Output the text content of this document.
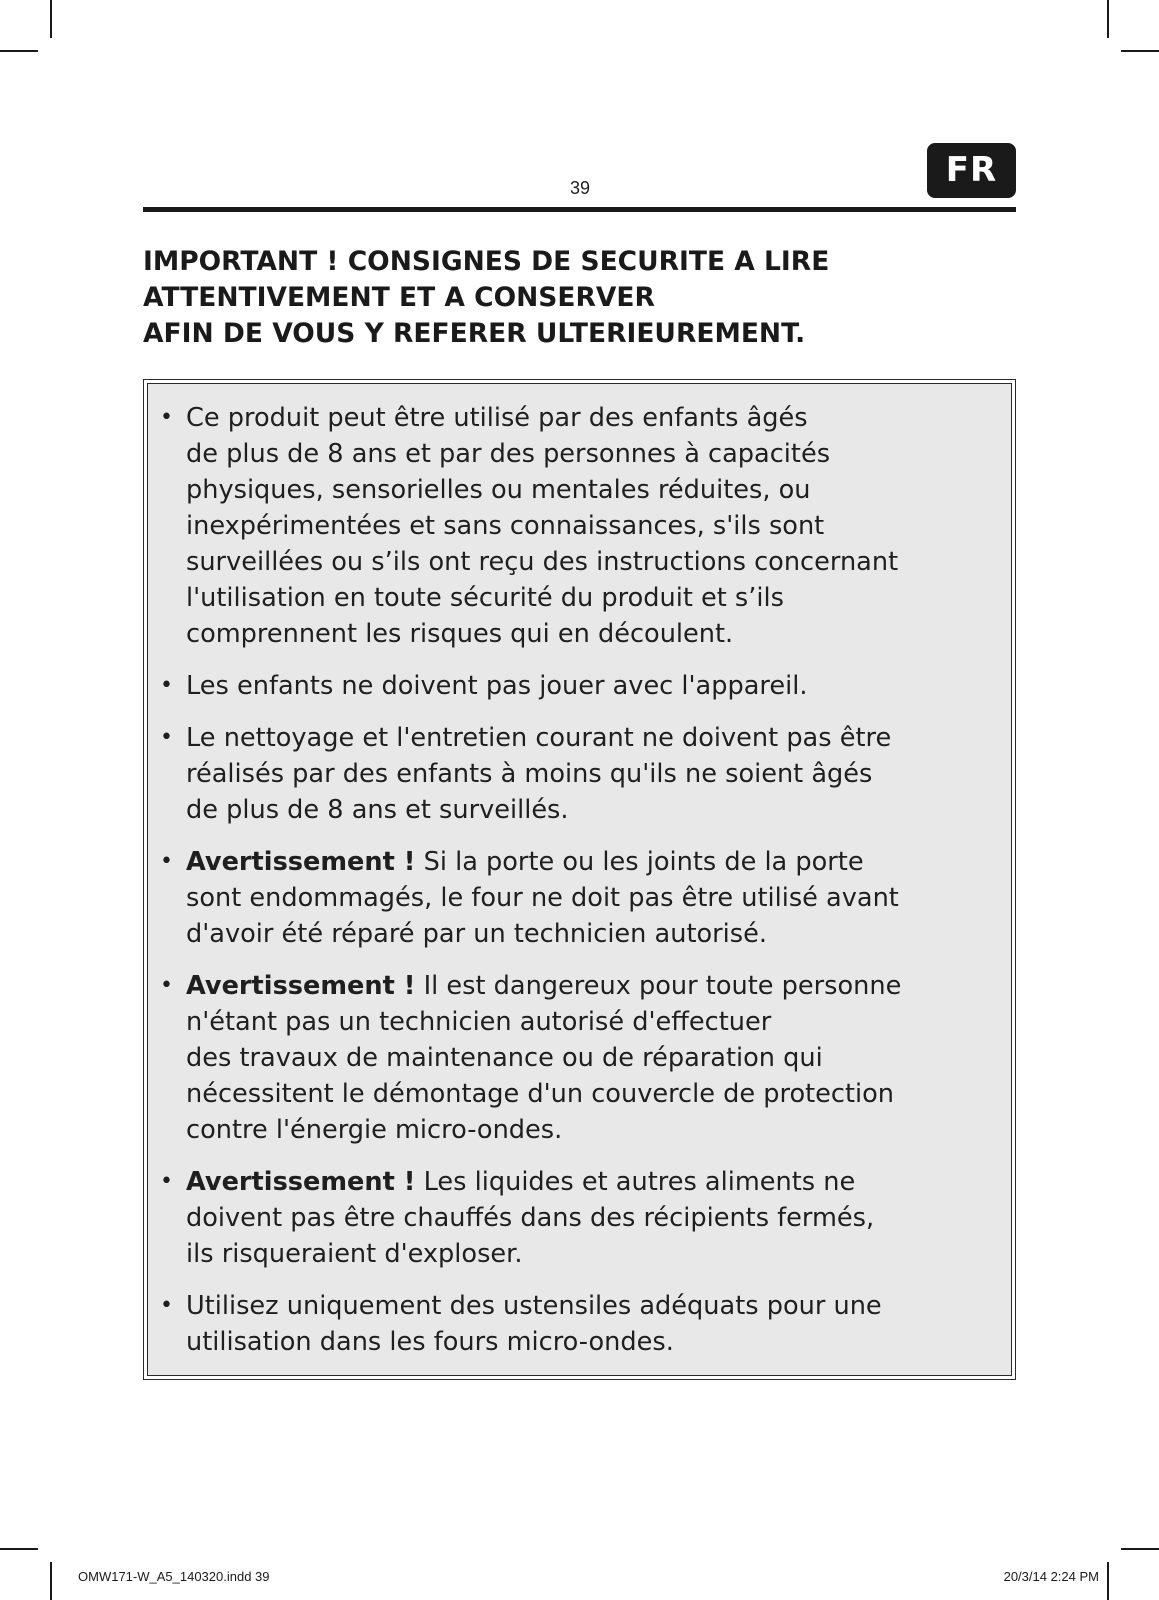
39	FR
IMPORTANT ! CONSIGNES DE SECURITE A LIRE
ATTENTIVEMENT ET A CONSERVER
AFIN DE VOUS Y REFERER ULTERIEUREMENT.
• Ce produit peut être utilisé par des enfants âgés
de plus de 8 ans et par des personnes à capacités
physiques, sensorielles ou mentales réduites, ou
inexpérimentées et sans connaissances, s'ils sont
surveillées ou s’ils ont reçu des instructions concernant
l'utilisation en toute sécurité du produit et s’ils
comprennent les risques qui en découlent.
• Les enfants ne doivent pas jouer avec l'appareil.
• Le nettoyage et l'entretien courant ne doivent pas être
réalisés par des enfants à moins qu'ils ne soient âgés
de plus de 8 ans et surveillés.
• Avertissement ! Si la porte ou les joints de la porte
sont endommagés, le four ne doit pas être utilisé avant
d'avoir été réparé par un technicien autorisé.
• Avertissement ! Il est dangereux pour toute personne
n'étant pas un technicien autorisé d'effectuer
des travaux de maintenance ou de réparation qui
nécessitent le démontage d'un couvercle de protection
contre l'énergie micro-ondes.
• Avertissement ! Les liquides et autres aliments ne
doivent pas être chauffés dans des récipients fermés,
ils risqueraient d'exploser.
• Utilisez uniquement des ustensiles adéquats pour une
utilisation dans les fours micro-ondes.
OMW171-W_A5_140320.indd 39	20/3/14 2:24 PM
